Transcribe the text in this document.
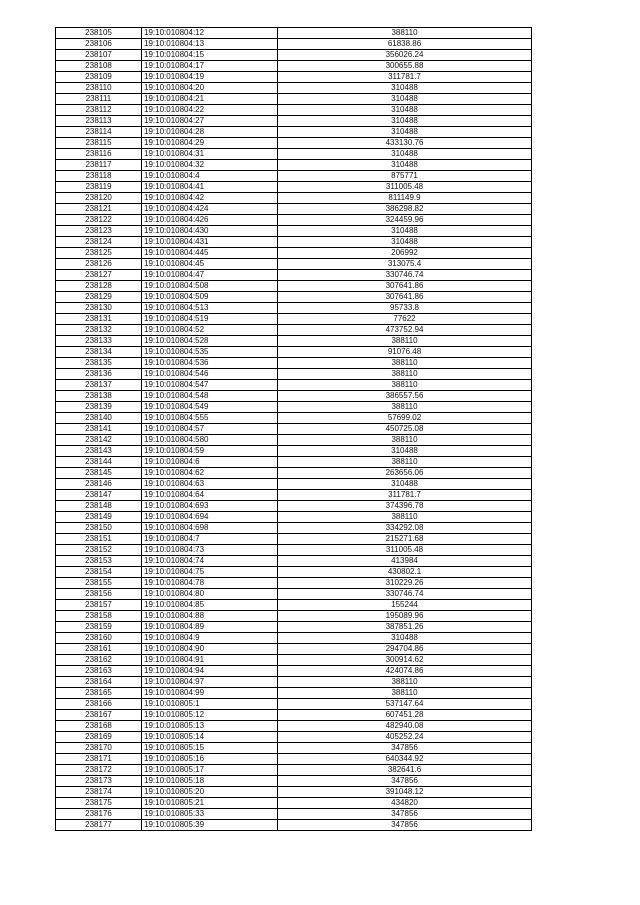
238105	19:10:010804:12	388110
238106	19:10:010804:13	61838.86
238107	19:10:010804:15	356026.24
238108	19:10:010804:17	300655.88
238109	19:10:010804:19	311781.7
238110	19:10:010804:20	310488
238111	19:10:010804:21	310488
238112	19:10:010804:22	310488
238113	19:10:010804:27	310488
238114	19:10:010804:28	310488
238115	19:10:010804:29	433130.76
238116	19:10:010804:31	310488
238117	19:10:010804:32	310488
238118	19:10:010804:4	875771
238119	19:10:010804:41	311005.48
238120	19:10:010804:42	811149.9
238121	19:10:010804:424	386298.82
238122	19:10:010804:426	324459.96
238123	19:10:010804:430	310488
238124	19:10:010804:431	310488
238125	19:10:010804:445	206992
238126	19:10:010804:45	313075.4
238127	19:10:010804:47	330746.74
238128	19:10:010804:508	307641.86
238129	19:10:010804:509	307641.86
238130	19:10:010804:513	95733.8
238131	19:10:010804:519	77622
238132	19:10:010804:52	473752.94
238133	19:10:010804:528	388110
238134	19:10:010804:535	91076.48
238135	19:10:010804:536	388110
238136	19:10:010804:546	388110
238137	19:10:010804:547	388110
238138	19:10:010804:548	386557.56
238139	19:10:010804:549	388110
238140	19:10:010804:555	57699.02
238141	19:10:010804:57	450725.08
238142	19:10:010804:580	388110
238143	19:10:010804:59	310488
238144	19:10:010804:6	388110
238145	19:10:010804:62	263656.06
238146	19:10:010804:63	310488
238147	19:10:010804:64	311781.7
238148	19:10:010804:693	374396.78
238149	19:10:010804:694	388110
238150	19:10:010804:698	334292.08
238151	19:10:010804:7	215271.68
238152	19:10:010804:73	311005.48
238153	19:10:010804:74	413984
238154	19:10:010804:75	430802.1
238155	19:10:010804:78	310229.26
238156	19:10:010804:80	330746.74
238157	19:10:010804:85	155244
238158	19:10:010804:88	195089.96
238159	19:10:010804:89	387851.26
238160	19:10:010804:9	310488
238161	19:10:010804:90	294704.86
238162	19:10:010804:91	300914.62
238163	19:10:010804:94	424074.86
238164	19:10:010804:97	388110
238165	19:10:010804:99	388110
238166	19:10:010805:1	537147.64
238167	19:10:010805:12	607451.28
238168	19:10:010805:13	482940.08
238169	19:10:010805:14	405252.24
238170	19:10:010805:15	347856
238171	19:10:010805:16	640344.92
238172	19:10:010805:17	382641.6
238173	19:10:010805:18	347856
238174	19:10:010805:20	391048.12
238175	19:10:010805:21	434820
238176	19:10:010805:33	347856
238177	19:10:010805:39	347856
